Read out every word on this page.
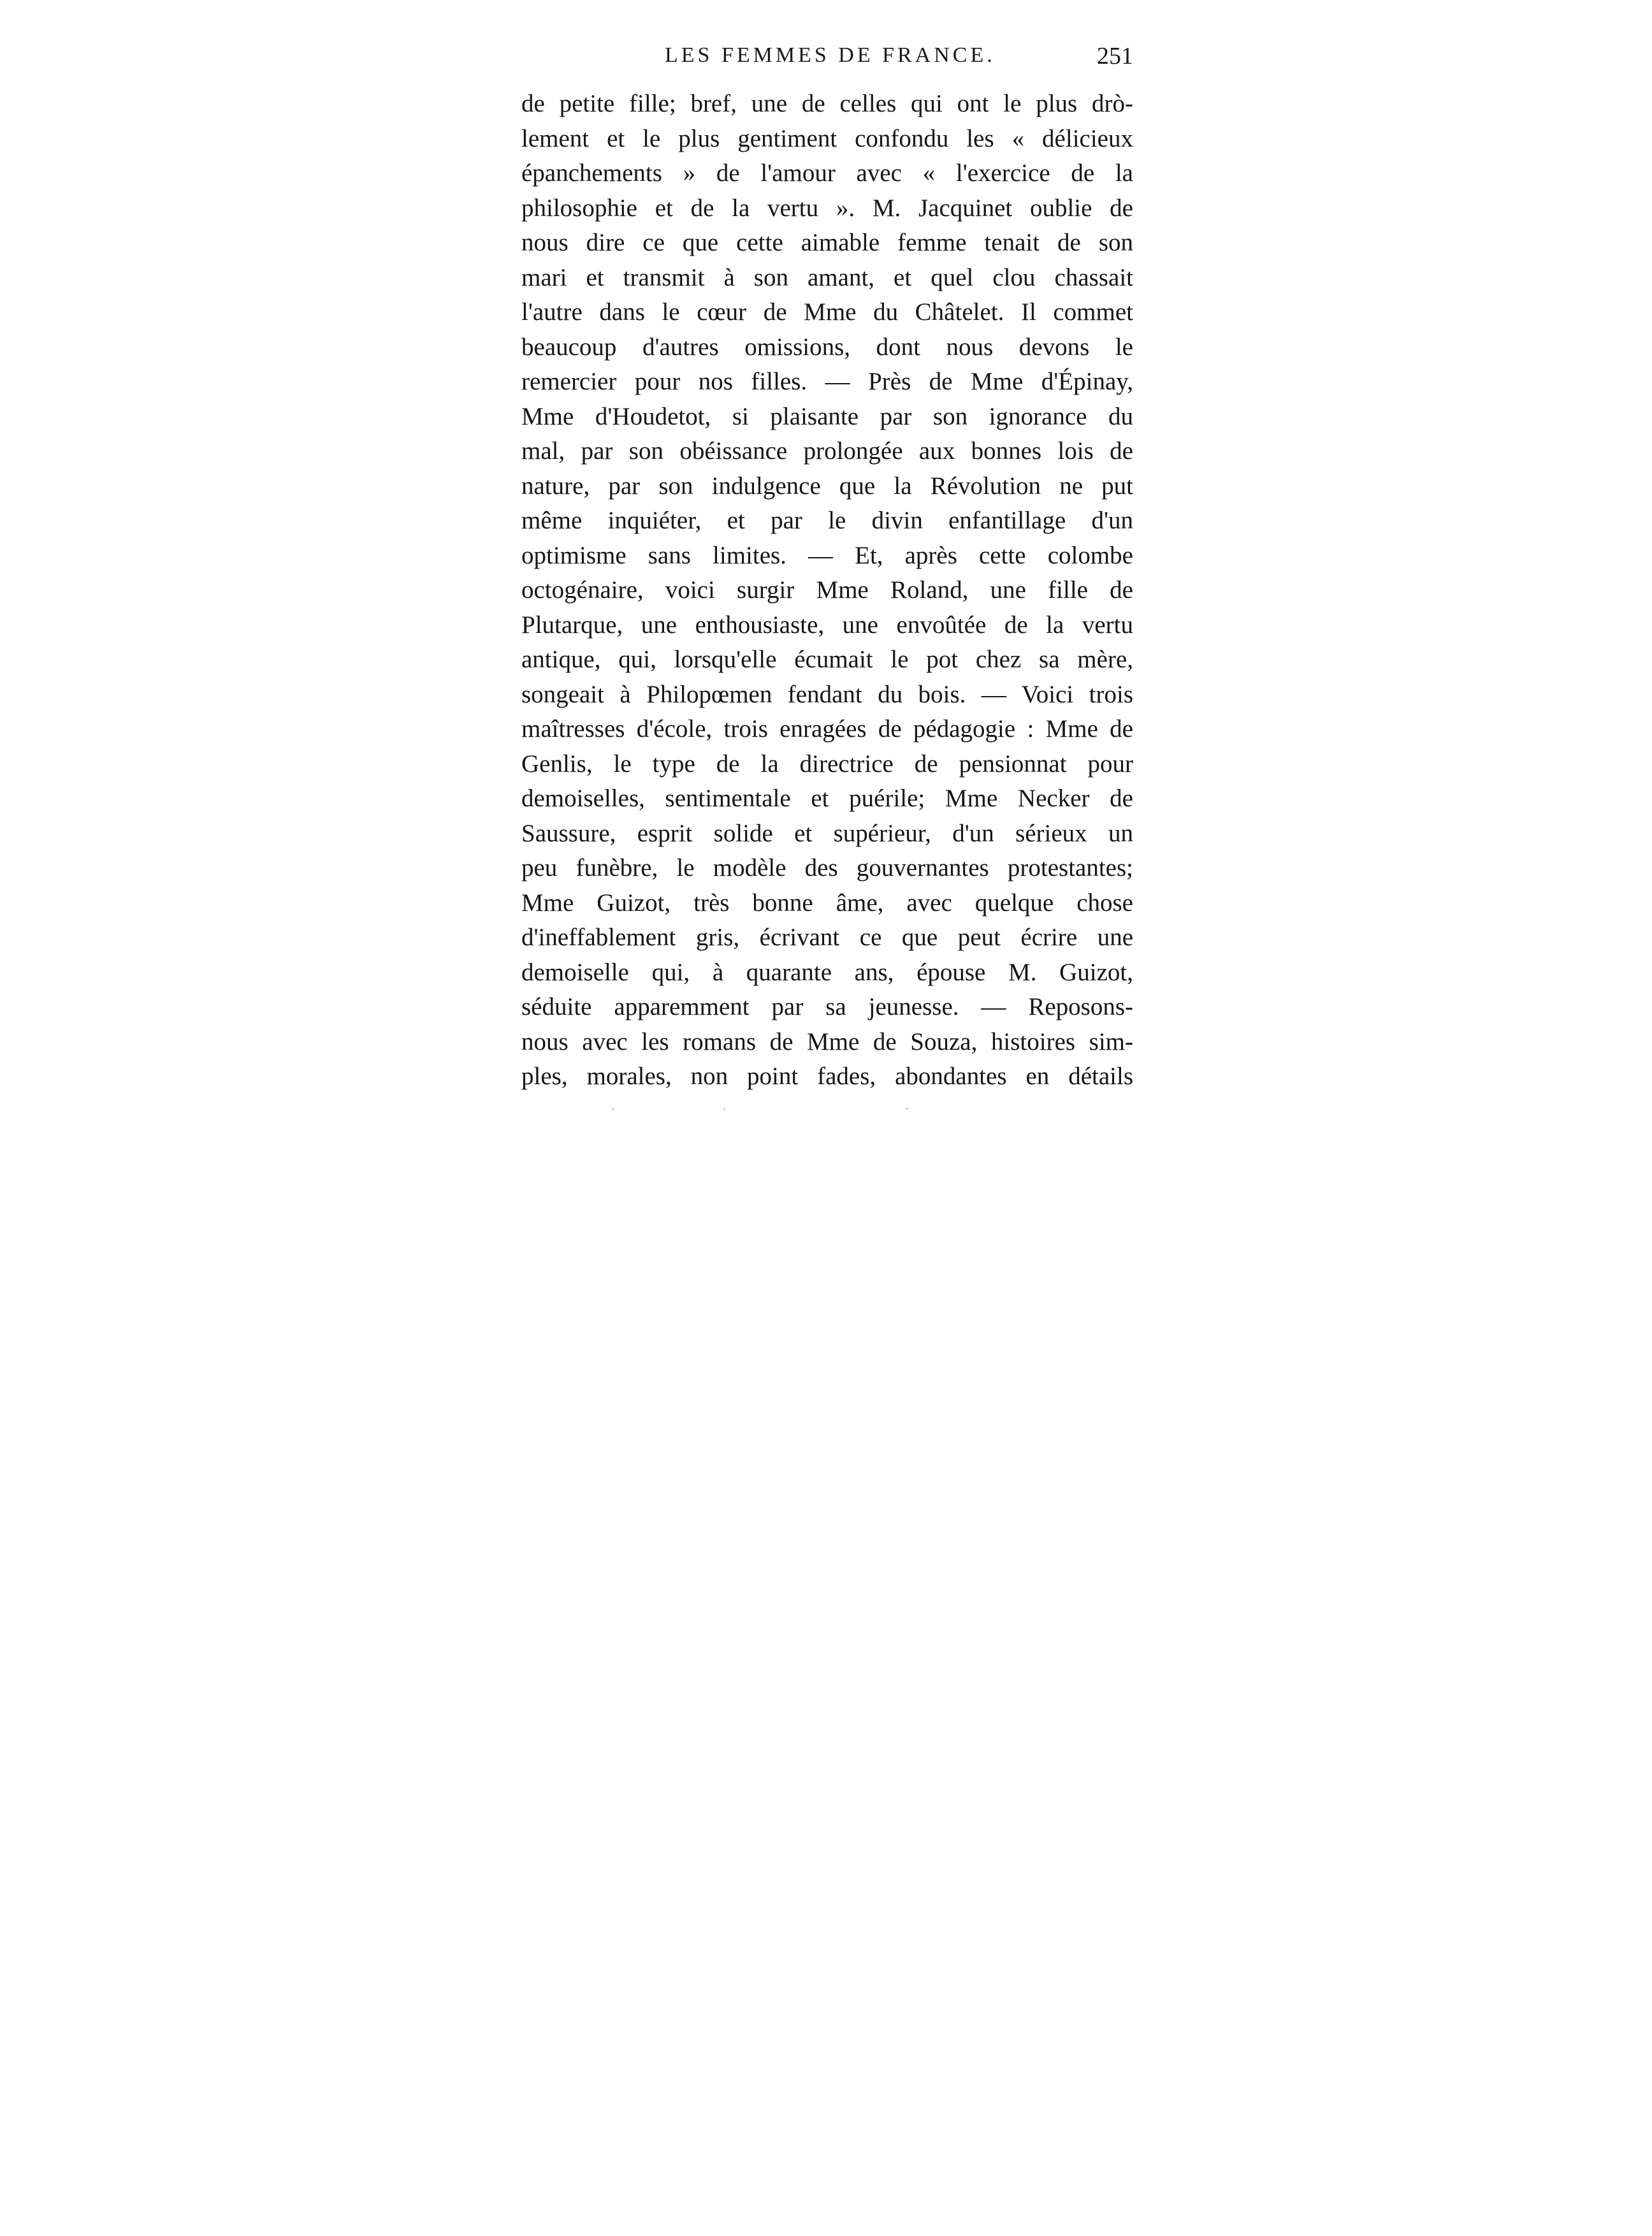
LES FEMMES DE FRANCE.	251
de petite fille; bref, une de celles qui ont le plus drò-
lement et le plus gentiment confondu les « délicieux
épanchements » de l'amour avec « l'exercice de la
philosophie et de la vertu ». M. Jacquinet oublie de
nous dire ce que cette aimable femme tenait de son
mari et transmit à son amant, et quel clou chassait
l'autre dans le cœur de Mme du Châtelet. Il commet
beaucoup d'autres omissions, dont nous devons le
remercier pour nos filles. — Près de Mme d'Épinay,
Mme d'Houdetot, si plaisante par son ignorance du
mal, par son obéissance prolongée aux bonnes lois de
nature, par son indulgence que la Révolution ne put
même inquiéter, et par le divin enfantillage d'un
optimisme sans limites. — Et, après cette colombe
octogénaire, voici surgir Mme Roland, une fille de
Plutarque, une enthousiaste, une envoûtée de la vertu
antique, qui, lorsqu'elle écumait le pot chez sa mère,
songeait à Philopœmen fendant du bois. — Voici trois
maîtresses d'école, trois enragées de pédagogie : Mme de
Genlis, le type de la directrice de pensionnat pour
demoiselles, sentimentale et puérile; Mme Necker de
Saussure, esprit solide et supérieur, d'un sérieux un
peu funèbre, le modèle des gouvernantes protestantes;
Mme Guizot, très bonne âme, avec quelque chose
d'ineffablement gris, écrivant ce que peut écrire une
demoiselle qui, à quarante ans, épouse M. Guizot,
séduite apparemment par sa jeunesse. — Reposons-
nous avec les romans de Mme de Souza, histoires sim-
ples, morales, non point fades, abondantes en détails
